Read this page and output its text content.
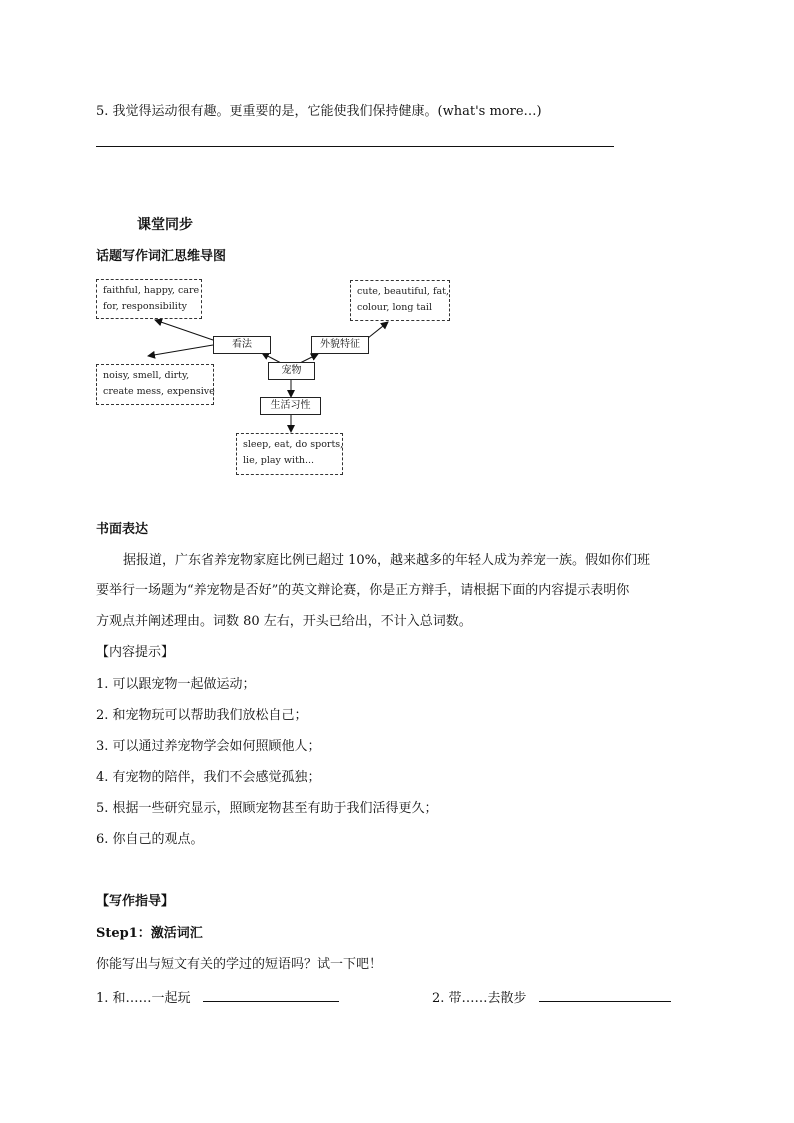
5. 我觉得运动很有趣。更重要的是，它能使我们保持健康。(what's more…)
课堂同步
话题写作词汇思维导图
faithful, happy, care
for, responsibility
noisy, smell, dirty,
create mess, expensive
cute, beautiful, fat,
colour, long tail
sleep, eat, do sports,
lie, play with...
看法	外貌特征
宠物
生活习性
书面表达
据报道，广东省养宠物家庭比例已超过 10%，越来越多的年轻人成为养宠一族。假如你们班
要举行一场题为“养宠物是否好”的英文辩论赛，你是正方辩手，请根据下面的内容提示表明你
方观点并阐述理由。词数 80 左右，开头已给出，不计入总词数。
【内容提示】
1. 可以跟宠物一起做运动；
2. 和宠物玩可以帮助我们放松自己；
3. 可以通过养宠物学会如何照顾他人；
4. 有宠物的陪伴，我们不会感觉孤独；
5. 根据一些研究显示，照顾宠物甚至有助于我们活得更久；
6. 你自己的观点。
【写作指导】
Step1：激活词汇
你能写出与短文有关的学过的短语吗？试一下吧！
1. 和……一起玩	2. 带……去散步
